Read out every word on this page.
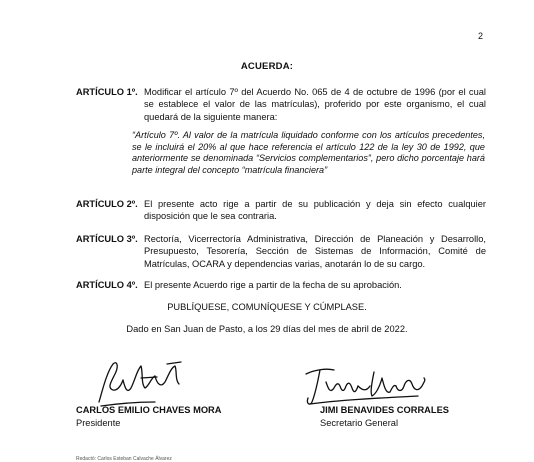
2
ACUERDA:
ARTÍCULO 1º. Modificar el artículo 7º del Acuerdo No. 065 de 4 de octubre de 1996 (por el cual se establece el valor de las matrículas), proferido por este organismo, el cual quedará de la siguiente manera:
“Artículo 7º. Al valor de la matrícula liquidado conforme con los artículos precedentes, se le incluirá el 20% al que hace referencia el artículo 122 de la ley 30 de 1992, que anteriormente se denominada “Servicios complementarios”, pero dicho porcentaje hará parte integral del concepto “matrícula financiera”
ARTÍCULO 2º. El presente acto rige a partir de su publicación y deja sin efecto cualquier disposición que le sea contraria.
ARTÍCULO 3º. Rectoría, Vicerrectoría Administrativa, Dirección de Planeación y Desarrollo, Presupuesto, Tesorería, Sección de Sistemas de Información, Comité de Matrículas, OCARA y dependencias varias, anotarán lo de su cargo.
ARTÍCULO 4º. El presente Acuerdo rige a partir de la fecha de su aprobación.
PUBLÍQUESE, COMUNÍQUESE Y CÚMPLASE.
Dado en San Juan de Pasto, a los 29 días del mes de abril de 2022.
CARLOS EMILIO CHAVES MORA
Presidente
JIMI BENAVIDES CORRALES
Secretario General
Redactó: Carlos Esteban Calvache Álvarez
